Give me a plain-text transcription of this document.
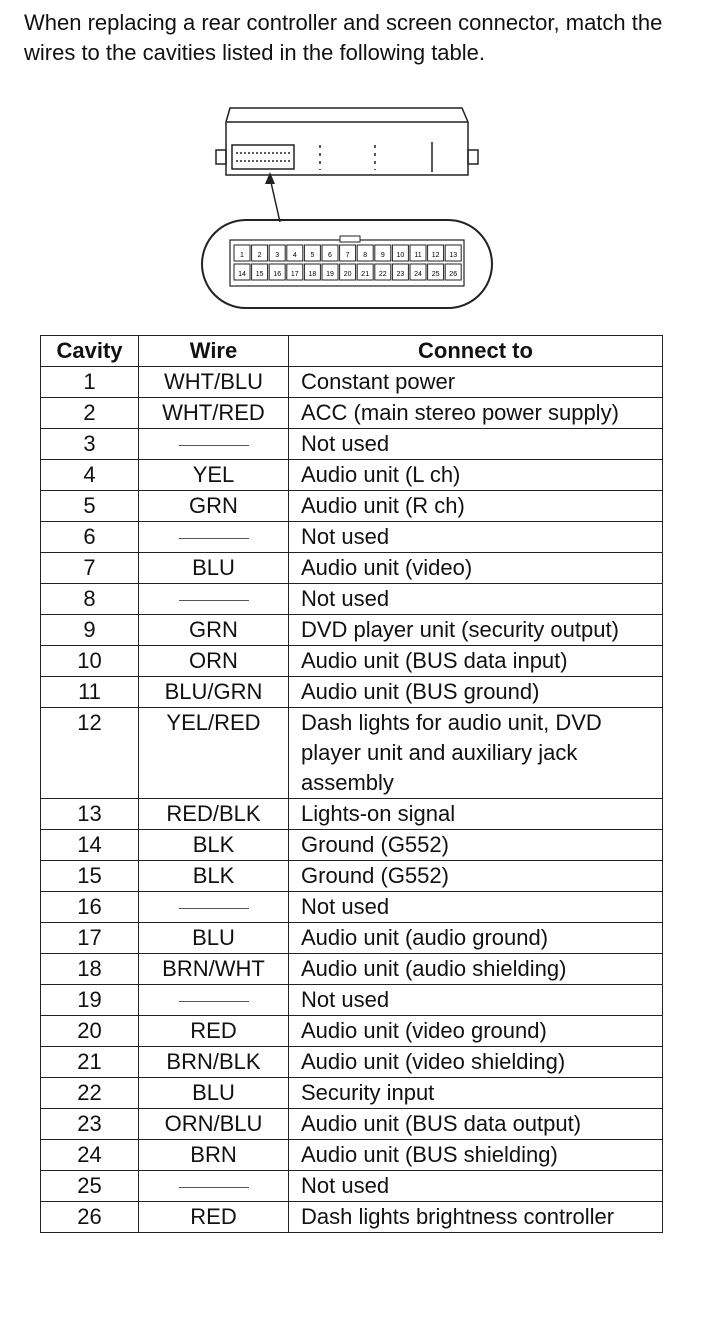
When replacing a rear controller and screen connector, match the wires to the cavities listed in the following table.

1 2 3 4 5 6 7 8 9 10 11 12 13
14 15 16 17 18 19 20 21 22 23 24 25 26
Cavity	Wire	Connect to
1	WHT/BLU	Constant power
2	WHT/RED	ACC (main stereo power supply)
3		Not used
4	YEL	Audio unit (L ch)
5	GRN	Audio unit (R ch)
6		Not used
7	BLU	Audio unit (video)
8		Not used
9	GRN	DVD player unit (security output)
10	ORN	Audio unit (BUS data input)
11	BLU/GRN	Audio unit (BUS ground)
12	YEL/RED	Dash lights for audio unit, DVD player unit and auxiliary jack assembly
13	RED/BLK	Lights-on signal
14	BLK	Ground (G552)
15	BLK	Ground (G552)
16		Not used
17	BLU	Audio unit (audio ground)
18	BRN/WHT	Audio unit (audio shielding)
19		Not used
20	RED	Audio unit (video ground)
21	BRN/BLK	Audio unit (video shielding)
22	BLU	Security input
23	ORN/BLU	Audio unit (BUS data output)
24	BRN	Audio unit (BUS shielding)
25		Not used
26	RED	Dash lights brightness controller
